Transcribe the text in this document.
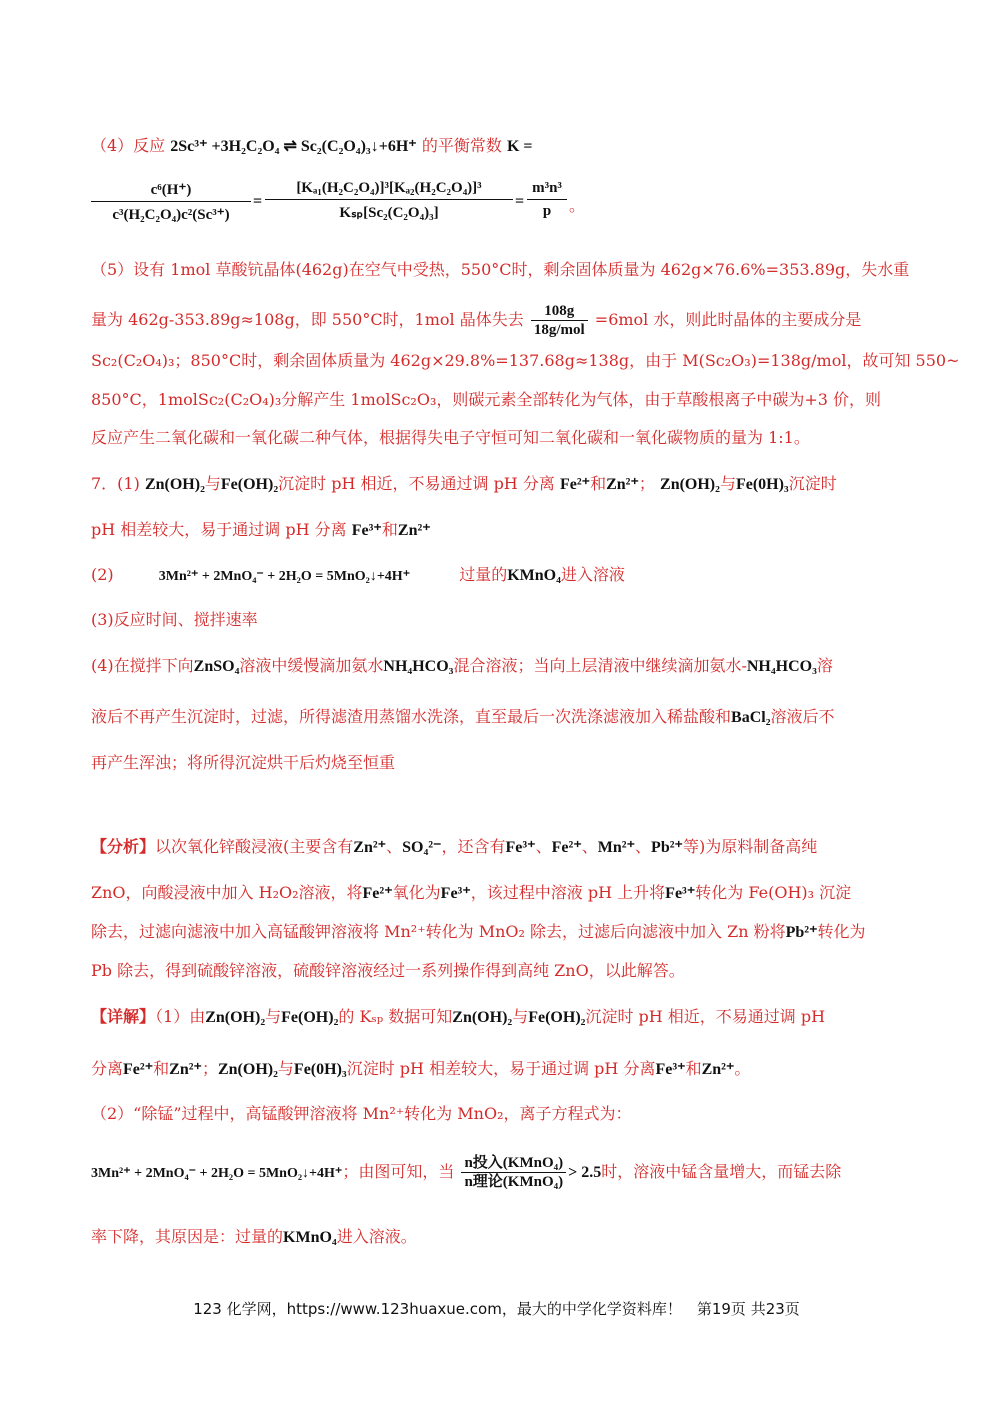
（4）反应 2Sc³⁺ +3H₂C₂O₄ ⇌ Sc₂(C₂O₄)₃↓+6H⁺ 的平衡常数 K =
$\frac{\text{c⁶(H⁺)}}{\text{c³(H₂C₂O₄)c²(Sc³⁺)}}$ =
[Kₐ₁(H₂C₂O₄)]³[Kₐ₂(H₂C₂O₄)]³
Kₛₚ[Sc₂(C₂O₄)₃]
= $\frac{\text{m³n³}}{p}$ 。
（5）设有 1mol 草酸钪晶体(462g)在空气中受热，550°C时，剩余固体质量为 462g×76.6%=353.89g，失水重
量为 462g-353.89g≈108g，即 550°C时，1mol 晶体失去	108g
18g/mol
=6mol 水，则此时晶体的主要成分是
Sc₂(C₂O₄)₃；850°C时，剩余固体质量为 462g×29.8%=137.68g≈138g，由于 M(Sc₂O₃)=138g/mol，故可知 550~
850°C，1molSc₂(C₂O₄)₃分解产生 1molSc₂O₃，则碳元素全部转化为气体，由于草酸根离子中碳为+3 价，则
反应产生二氧化碳和一氧化碳二种气体，根据得失电子守恒可知二氧化碳和一氧化碳物质的量为 1:1。
7．(1) Zn(OH)₂与Fe(OH)₂沉淀时 pH 相近，不易通过调 pH 分离 Fe²⁺和Zn²⁺； Zn(OH)₂与Fe(0H)₃沉淀时
pH 相差较大，易于通过调 pH 分离 Fe³⁺和Zn²⁺
(2)	3Mn²⁺ + 2MnO₄⁻ + 2H₂O = 5MnO₂↓+4H⁺	过量的KMnO₄进入溶液
(3)反应时间、搅拌速率
(4)在搅拌下向ZnSO₄溶液中缓慢滴加氨水NH₄HCO₃混合溶液；当向上层清液中继续滴加氨水-NH₄HCO₃溶
液后不再产生沉淀时，过滤，所得滤渣用蒸馏水洗涤，直至最后一次洗涤滤液加入稀盐酸和BaCl₂溶液后不
再产生浑浊；将所得沉淀烘干后灼烧至恒重
【分析】以次氧化锌酸浸液(主要含有Zn²⁺、SO₄²⁻，还含有Fe³⁺、Fe²⁺、Mn²⁺、Pb²⁺等)为原料制备高纯
ZnO，向酸浸液中加入 H₂O₂溶液，将Fe²⁺氧化为Fe³⁺，该过程中溶液 pH 上升将Fe³⁺转化为 Fe(OH)₃ 沉淀
除去，过滤向滤液中加入高锰酸钾溶液将 Mn²⁺转化为 MnO₂ 除去，过滤后向滤液中加入 Zn 粉将Pb²⁺转化为
Pb 除去，得到硫酸锌溶液，硫酸锌溶液经过一系列操作得到高纯 ZnO，以此解答。
【详解】（1）由Zn(OH)₂与Fe(OH)₂的 Kₛₚ 数据可知Zn(OH)₂与Fe(OH)₂沉淀时 pH 相近，不易通过调 pH
分离Fe²⁺和Zn²⁺；Zn(OH)₂与Fe(0H)₃沉淀时 pH 相差较大，易于通过调 pH 分离Fe³⁺和Zn²⁺。
（2）“除锰”过程中，高锰酸钾溶液将 Mn²⁺转化为 MnO₂，离子方程式为：
3Mn²⁺ + 2MnO₄⁻ + 2H₂O = 5MnO₂↓+4H⁺；由图可知，当 n投入(KMnO₄)
n理论(KMnO₄)
> 2.5时，溶液中锰含量增大，而锰去除
率下降，其原因是：过量的KMnO₄进入溶液。
123 化学网，https://www.123huaxue.com，最大的中学化学资料库！　第19页 共23页
